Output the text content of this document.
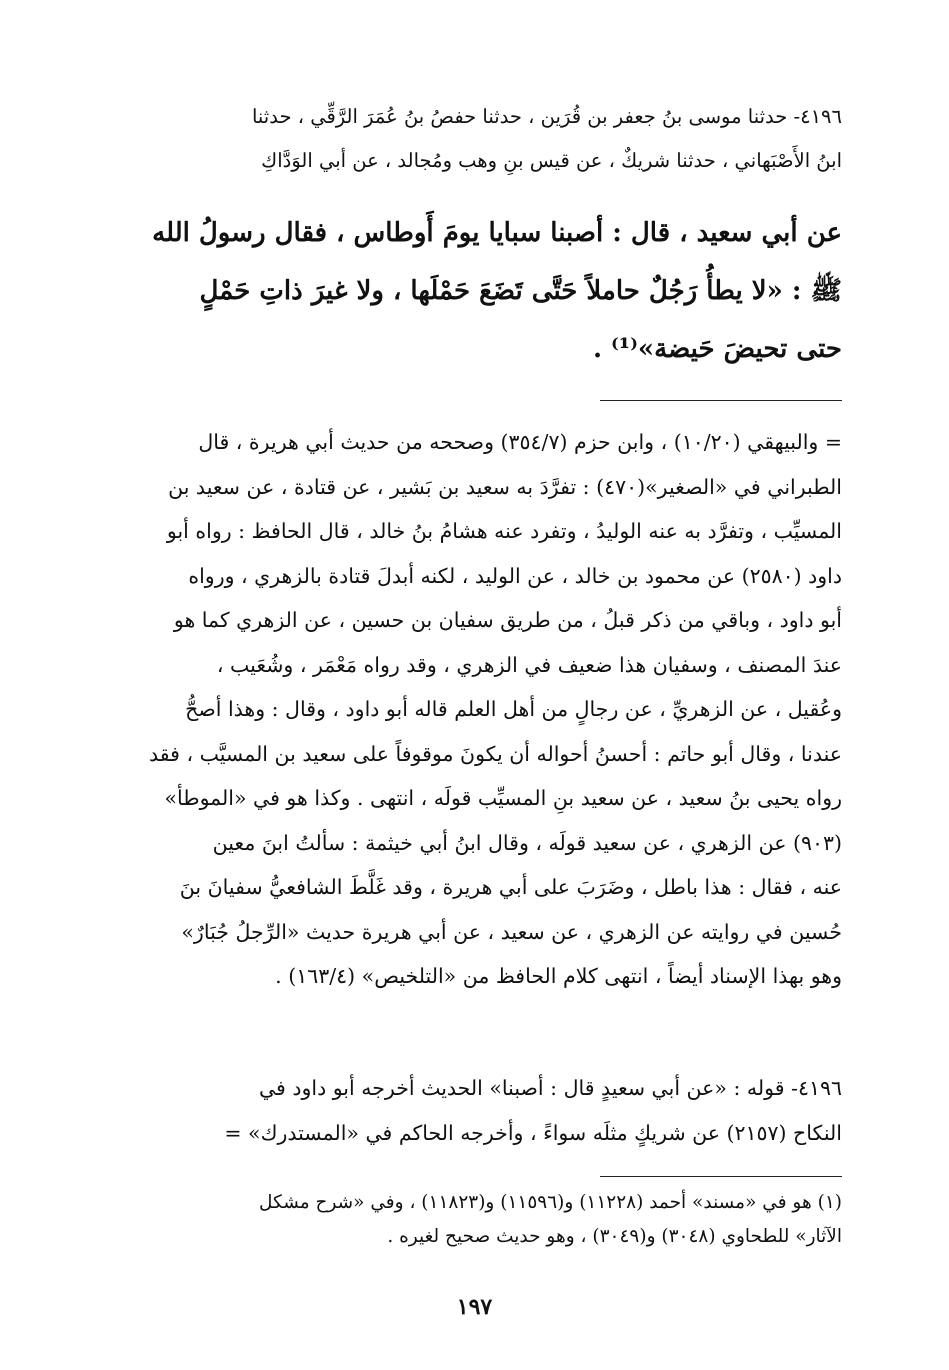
٤١٩٦- حدثنا موسى بنُ جعفر بن قُرَين ، حدثنا حفصُ بنُ عُمَرَ الرَّقِّي ، حدثنا
ابنُ الأَصْبَهاني ، حدثنا شريكٌ ، عن قيس بنِ وهب ومُجالد ، عن أبي الوَدَّاكِ
عن أبي سعيد ، قال : أصبنا سبايا يومَ أَوطاس ، فقال رسولُ الله
ﷺ : «لا يطأُ رَجُلٌ حاملاً حَتَّى تَضَعَ حَمْلَها ، ولا غيرَ ذاتِ حَمْلٍ
حتى تحيضَ حَيضة»⁽¹⁾ .
= والبيهقي (١٠/٢٠) ، وابن حزم (٣٥٤/٧) وصححه من حديث أبي هريرة ، قال
الطبراني في «الصغير»(٤٧٠) : تفرَّدَ به سعيد بن بَشير ، عن قتادة ، عن سعيد بن
المسيِّب ، وتفرَّد به عنه الوليدُ ، وتفرد عنه هشامُ بنُ خالد ، قال الحافظ : رواه أبو
داود (٢٥٨٠) عن محمود بن خالد ، عن الوليد ، لكنه أبدلَ قتادة بالزهري ، ورواه
أبو داود ، وباقي من ذكر قبلُ ، من طريق سفيان بن حسين ، عن الزهري كما هو
عندَ المصنف ، وسفيان هذا ضعيف في الزهري ، وقد رواه مَعْمَر ، وشُعَيب ،
وعُقيل ، عن الزهريِّ ، عن رجالٍ من أهل العلم قاله أبو داود ، وقال : وهذا أصحُّ
عندنا ، وقال أبو حاتم : أحسنُ أحواله أن يكونَ موقوفاً على سعيد بن المسيَّب ، فقد
رواه يحيى بنُ سعيد ، عن سعيد بنِ المسيِّب قولَه ، انتهى . وكذا هو في «الموطأ»
(٩٠٣) عن الزهري ، عن سعيد قولَه ، وقال ابنُ أبي خيثمة : سألتُ ابنَ معين
عنه ، فقال : هذا باطل ، وضَرَبَ على أبي هريرة ، وقد غَلَّطَ الشافعيُّ سفيانَ بنَ
حُسين في روايته عن الزهري ، عن سعيد ، عن أبي هريرة حديث «الرِّجلُ جُبَارٌ»
وهو بهذا الإسناد أيضاً ، انتهى كلام الحافظ من «التلخيص» (١٦٣/٤) .
٤١٩٦- قوله : «عن أبي سعيدٍ قال : أصبنا» الحديث أخرجه أبو داود في
النكاح (٢١٥٧) عن شريكٍ مثلَه سواءً ، وأخرجه الحاكم في «المستدرك» =
(١) هو في «مسند» أحمد (١١٢٢٨) و(١١٥٩٦) و(١١٨٢٣) ، وفي «شرح مشكل
الآثار» للطحاوي (٣٠٤٨) و(٣٠٤٩) ، وهو حديث صحيح لغيره .
١٩٧
